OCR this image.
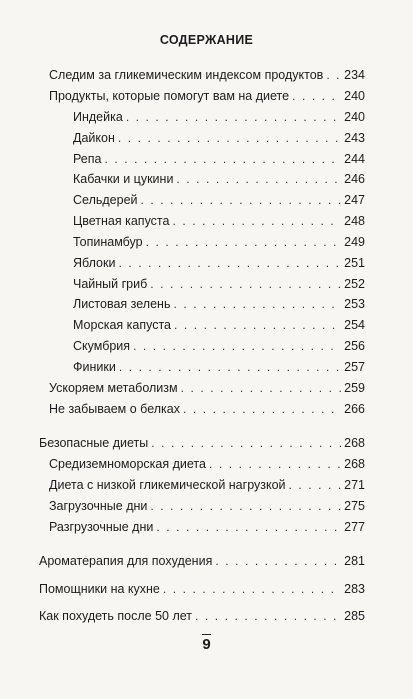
СОДЕРЖАНИЕ
Следим за гликемическим индексом продуктов . . . 234
Продукты, которые помогут вам на диете . . .	240
Индейка . . .	240
Дайкон . . .	243
Репа . . .	244
Кабачки и цукини . . .	246
Сельдерей . . .	247
Цветная капуста . . .	248
Топинамбур . . .	249
Яблоки . . .	251
Чайный гриб . . .	252
Листовая зелень . . .	253
Морская капуста . . .	254
Скумбрия . . .	256
Финики . . .	257
Ускоряем метаболизм . . .	259
Не забываем о белках . . .	266
Безопасные диеты . . .	268
Средиземноморская диета . . .	268
Диета с низкой гликемической нагрузкой . . .	271
Загрузочные дни . . .	275
Разгрузочные дни . . .	277
Ароматерапия для похудения . . .	281
Помощники на кухне . . .	283
Как похудеть после 50 лет . . .	285
9
